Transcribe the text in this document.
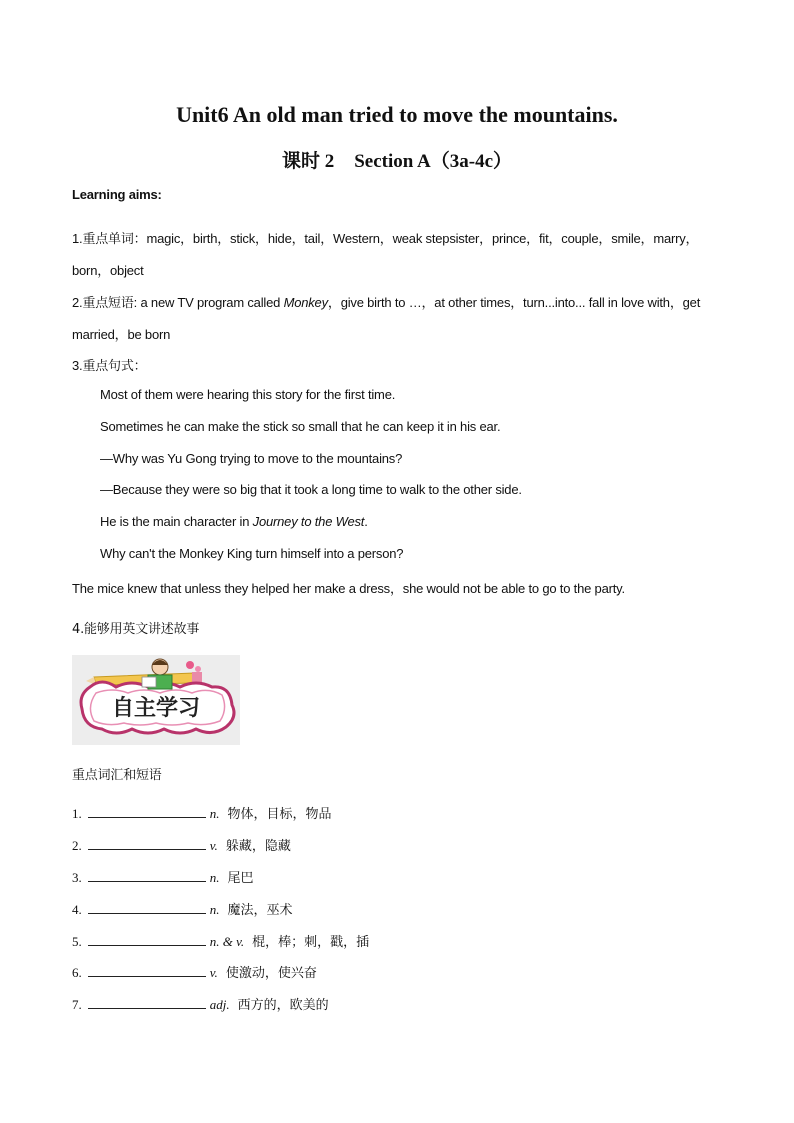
Unit6 An old man tried to move the mountains.
课时 2 Section A（3a-4c）
Learning aims:
1.重点单词：magic，birth，stick，hide，tail，Western，weak stepsister，prince，fit，couple，smile，marry，
born，object
2.重点短语: a new TV program called Monkey，give birth to …，at other times，turn...into... fall in love with，get
married，be born
3.重点句式：
Most of them were hearing this story for the first time.
Sometimes he can make the stick so small that he can keep it in his ear.
—Why was Yu Gong trying to move to the mountains?
—Because they were so big that it took a long time to walk to the other side.
He is the main character in Journey to the West.
Why can't the Monkey King turn himself into a person?
The mice knew that unless they helped her make a dress，she would not be able to go to the party.
4.能够用英文讲述故事
自主学习
重点词汇和短语
1.	n. 物体，目标，物品
2.	v. 躲藏，隐藏
3.	n. 尾巴
4.	n. 魔法，巫术
5.	n. & v. 棍，棒；刺，戳，插
6.	v. 使激动，使兴奋
7.	adj. 西方的，欧美的
